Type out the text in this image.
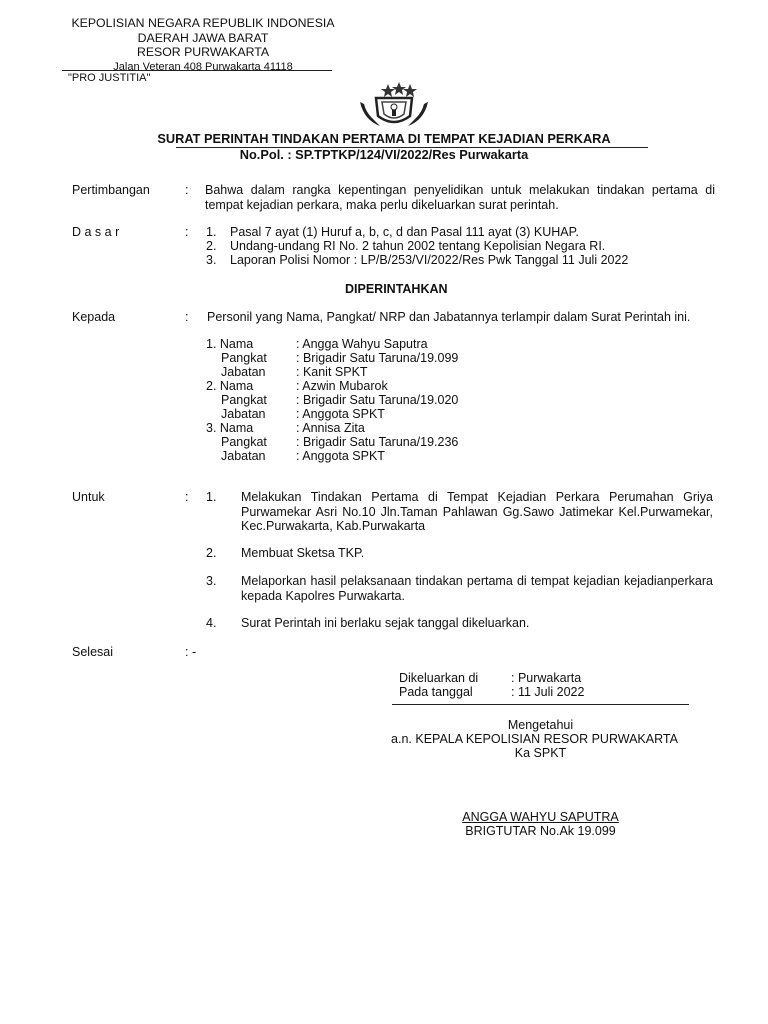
KEPOLISIAN NEGARA REPUBLIK INDONESIA
DAERAH JAWA BARAT
RESOR PURWAKARTA
Jalan Veteran 408 Purwakarta 41118
"PRO JUSTITIA"
SURAT PERINTAH TINDAKAN PERTAMA DI TEMPAT KEJADIAN PERKARA
No.Pol. : SP.TPTKP/124/VI/2022/Res Purwakarta
Pertimbangan	: Bahwa dalam rangka kepentingan penyelidikan untuk melakukan tindakan pertama di tempat kejadian perkara, maka perlu dikeluarkan surat perintah.
D a s a r	: 1. Pasal 7 ayat (1) Huruf a, b, c, d dan Pasal 111 ayat (3) KUHAP.
2. Undang-undang RI No. 2 tahun 2002 tentang Kepolisian Negara RI.
3. Laporan Polisi Nomor : LP/B/253/VI/2022/Res Pwk Tanggal 11 Juli 2022
DIPERINTAHKAN
Kepada	: Personil yang Nama, Pangkat/ NRP dan Jabatannya terlampir dalam Surat Perintah ini.
1. Nama	: Angga Wahyu Saputra
Pangkat : Brigadir Satu Taruna/19.099
Jabatan : Kanit SPKT
2. Nama	: Azwin Mubarok
Pangkat : Brigadir Satu Taruna/19.020
Jabatan : Anggota SPKT
3. Nama	: Annisa Zita
Pangkat : Brigadir Satu Taruna/19.236
Jabatan : Anggota SPKT
Untuk	: 1. Melakukan Tindakan Pertama di Tempat Kejadian Perkara Perumahan Griya Purwamekar Asri No.10 Jln.Taman Pahlawan Gg.Sawo Jatimekar Kel.Purwamekar, Kec.Purwakarta, Kab.Purwakarta
2. Membuat Sketsa TKP.
3. Melaporkan hasil pelaksanaan tindakan pertama di tempat kejadian kejadianperkara kepada Kapolres Purwakarta.
4. Surat Perintah ini berlaku sejak tanggal dikeluarkan.
Selesai	: -
Dikeluarkan di	: Purwakarta
Pada tanggal	: 11 Juli 2022
Mengetahui
a.n. KEPALA KEPOLISIAN RESOR PURWAKARTA
Ka SPKT
ANGGA WAHYU SAPUTRA
BRIGTUTAR No.Ak 19.099
